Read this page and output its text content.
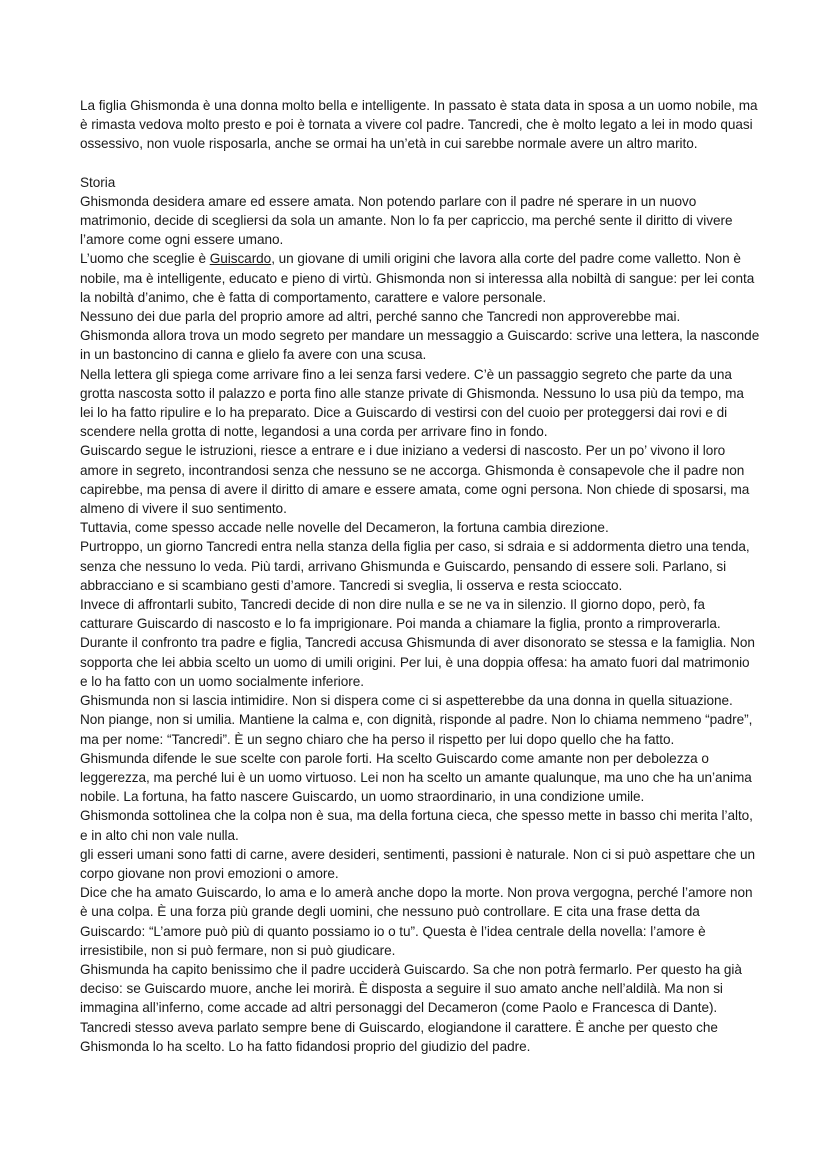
La figlia Ghismonda è una donna molto bella e intelligente. In passato è stata data in sposa a un uomo nobile, ma è rimasta vedova molto presto e poi è tornata a vivere col padre. Tancredi, che è molto legato a lei in modo quasi ossessivo, non vuole risposarla, anche se ormai ha un’età in cui sarebbe normale avere un altro marito.

Storia

Ghismonda desidera amare ed essere amata. Non potendo parlare con il padre né sperare in un nuovo matrimonio, decide di scegliersi da sola un amante. Non lo fa per capriccio, ma perché sente il diritto di vivere l’amore come ogni essere umano.

L’uomo che sceglie è Guiscardo, un giovane di umili origini che lavora alla corte del padre come valletto. Non è nobile, ma è intelligente, educato e pieno di virtù. Ghismonda non si interessa alla nobiltà di sangue: per lei conta la nobiltà d’animo, che è fatta di comportamento, carattere e valore personale.

Nessuno dei due parla del proprio amore ad altri, perché sanno che Tancredi non approverebbe mai.

Ghismonda allora trova un modo segreto per mandare un messaggio a Guiscardo: scrive una lettera, la nasconde in un bastoncino di canna e glielo fa avere con una scusa.

Nella lettera gli spiega come arrivare fino a lei senza farsi vedere. C’è un passaggio segreto che parte da una grotta nascosta sotto il palazzo e porta fino alle stanze private di Ghismonda. Nessuno lo usa più da tempo, ma lei lo ha fatto ripulire e lo ha preparato. Dice a Guiscardo di vestirsi con del cuoio per proteggersi dai rovi e di scendere nella grotta di notte, legandosi a una corda per arrivare fino in fondo.

Guiscardo segue le istruzioni, riesce a entrare e i due iniziano a vedersi di nascosto. Per un po’ vivono il loro amore in segreto, incontrandosi senza che nessuno se ne accorga. Ghismonda è consapevole che il padre non capirebbe, ma pensa di avere il diritto di amare e essere amata, come ogni persona. Non chiede di sposarsi, ma almeno di vivere il suo sentimento.

Tuttavia, come spesso accade nelle novelle del Decameron, la fortuna cambia direzione.

Purtroppo, un giorno Tancredi entra nella stanza della figlia per caso, si sdraia e si addormenta dietro una tenda, senza che nessuno lo veda. Più tardi, arrivano Ghismunda e Guiscardo, pensando di essere soli. Parlano, si abbracciano e si scambiano gesti d’amore. Tancredi si sveglia, li osserva e resta scioccato.

Invece di affrontarli subito, Tancredi decide di non dire nulla e se ne va in silenzio. Il giorno dopo, però, fa catturare Guiscardo di nascosto e lo fa imprigionare. Poi manda a chiamare la figlia, pronto a rimproverarla.

Durante il confronto tra padre e figlia, Tancredi accusa Ghismunda di aver disonorato se stessa e la famiglia. Non sopporta che lei abbia scelto un uomo di umili origini. Per lui, è una doppia offesa: ha amato fuori dal matrimonio e lo ha fatto con un uomo socialmente inferiore.

Ghismunda non si lascia intimidire. Non si dispera come ci si aspetterebbe da una donna in quella situazione. Non piange, non si umilia. Mantiene la calma e, con dignità, risponde al padre. Non lo chiama nemmeno “padre”, ma per nome: “Tancredi”. È un segno chiaro che ha perso il rispetto per lui dopo quello che ha fatto.

Ghismunda difende le sue scelte con parole forti. Ha scelto Guiscardo come amante non per debolezza o leggerezza, ma perché lui è un uomo virtuoso. Lei non ha scelto un amante qualunque, ma uno che ha un’anima nobile. La fortuna, ha fatto nascere Guiscardo, un uomo straordinario, in una condizione umile.

Ghismonda sottolinea che la colpa non è sua, ma della fortuna cieca, che spesso mette in basso chi merita l’alto, e in alto chi non vale nulla.

gli esseri umani sono fatti di carne, avere desideri, sentimenti, passioni è naturale. Non ci si può aspettare che un corpo giovane non provi emozioni o amore.

Dice che ha amato Guiscardo, lo ama e lo amerà anche dopo la morte. Non prova vergogna, perché l’amore non è una colpa. È una forza più grande degli uomini, che nessuno può controllare. E cita una frase detta da Guiscardo: “L’amore può più di quanto possiamo io o tu”. Questa è l’idea centrale della novella: l’amore è irresistibile, non si può fermare, non si può giudicare.

Ghismunda ha capito benissimo che il padre ucciderà Guiscardo. Sa che non potrà fermarlo. Per questo ha già deciso: se Guiscardo muore, anche lei morirà. È disposta a seguire il suo amato anche nell’aldilà. Ma non si immagina all’inferno, come accade ad altri personaggi del Decameron (come Paolo e Francesca di Dante).

Tancredi stesso aveva parlato sempre bene di Guiscardo, elogiandone il carattere. È anche per questo che Ghismonda lo ha scelto. Lo ha fatto fidandosi proprio del giudizio del padre.
